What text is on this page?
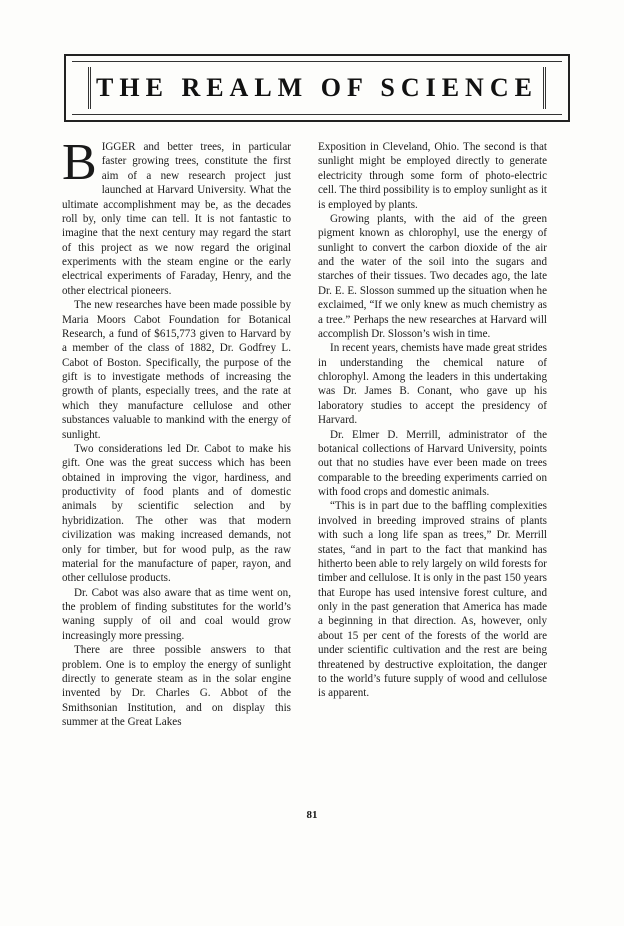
THE REALM OF SCIENCE

BIGGER and better trees, in particular faster growing trees, constitute the first aim of a new research project just launched at Harvard University. What the ultimate accomplishment may be, as the decades roll by, only time can tell. It is not fantastic to imagine that the next century may regard the start of this project as we now regard the original experiments with the steam engine or the early electrical experiments of Faraday, Henry, and the other electrical pioneers.

The new researches have been made possible by Maria Moors Cabot Foundation for Botanical Research, a fund of $615,773 given to Harvard by a member of the class of 1882, Dr. Godfrey L. Cabot of Boston. Specifically, the purpose of the gift is to investigate methods of increasing the growth of plants, especially trees, and the rate at which they manufacture cellulose and other substances valuable to mankind with the energy of sunlight.

Two considerations led Dr. Cabot to make his gift. One was the great success which has been obtained in improving the vigor, hardiness, and productivity of food plants and of domestic animals by scientific selection and by hybridization. The other was that modern civilization was making increased demands, not only for timber, but for wood pulp, as the raw material for the manufacture of paper, rayon, and other cellulose products.

Dr. Cabot was also aware that as time went on, the problem of finding substitutes for the world’s waning supply of oil and coal would grow increasingly more pressing.

There are three possible answers to that problem. One is to employ the energy of sunlight directly to generate steam as in the solar engine invented by Dr. Charles G. Abbot of the Smithsonian Institution, and on display this summer at the Great Lakes

Exposition in Cleveland, Ohio. The second is that sunlight might be employed directly to generate electricity through some form of photo-electric cell. The third possibility is to employ sunlight as it is employed by plants.

Growing plants, with the aid of the green pigment known as chlorophyl, use the energy of sunlight to convert the carbon dioxide of the air and the water of the soil into the sugars and starches of their tissues. Two decades ago, the late Dr. E. E. Slosson summed up the situation when he exclaimed, “If we only knew as much chemistry as a tree.” Perhaps the new researches at Harvard will accomplish Dr. Slosson’s wish in time.

In recent years, chemists have made great strides in understanding the chemical nature of chlorophyl. Among the leaders in this undertaking was Dr. James B. Conant, who gave up his laboratory studies to accept the presidency of Harvard.

Dr. Elmer D. Merrill, administrator of the botanical collections of Harvard University, points out that no studies have ever been made on trees comparable to the breeding experiments carried on with food crops and domestic animals.

“This is in part due to the baffling complexities involved in breeding improved strains of plants with such a long life span as trees,” Dr. Merrill states, “and in part to the fact that mankind has hitherto been able to rely largely on wild forests for timber and cellulose. It is only in the past 150 years that Europe has used intensive forest culture, and only in the past generation that America has made a beginning in that direction. As, however, only about 15 per cent of the forests of the world are under scientific cultivation and the rest are being threatened by destructive exploitation, the danger to the world’s future supply of wood and cellulose is apparent.

81
